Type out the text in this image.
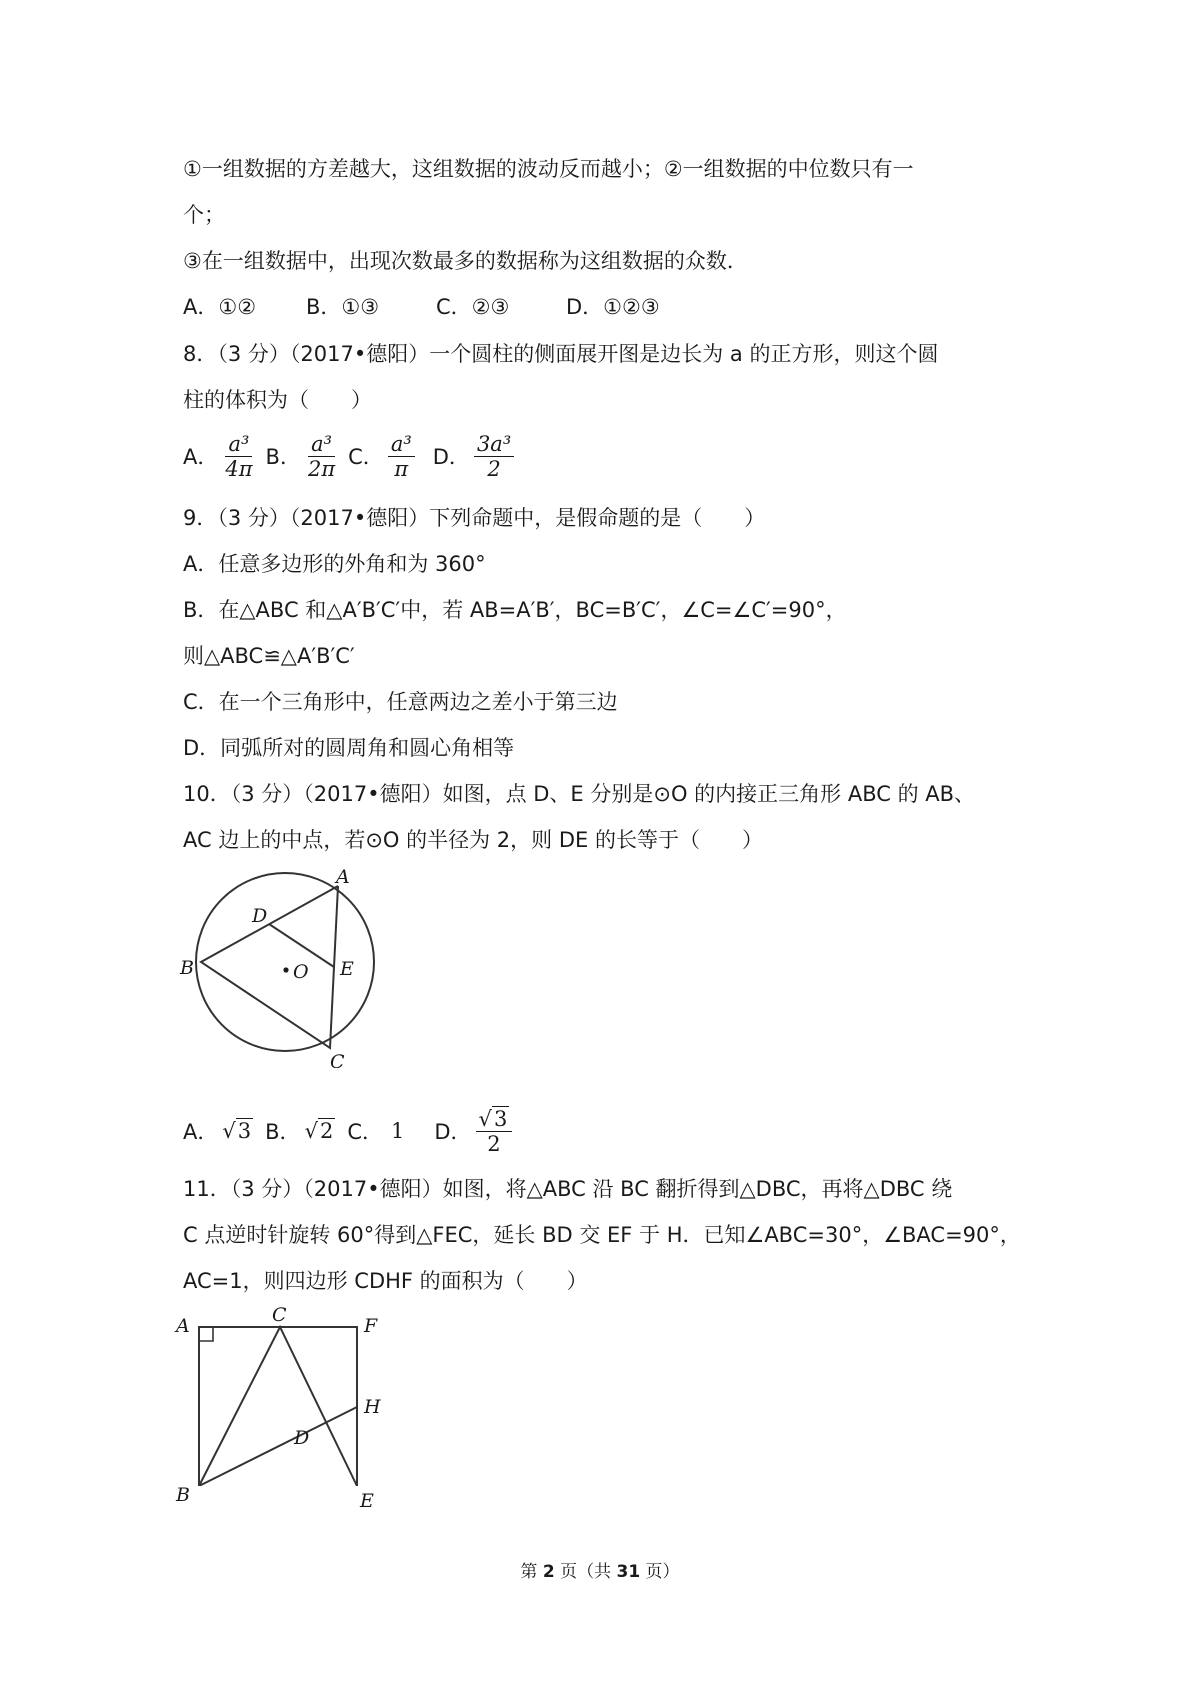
①一组数据的方差越大，这组数据的波动反而越小；②一组数据的中位数只有一
个；
③在一组数据中，出现次数最多的数据称为这组数据的众数．
A．①② B．①③	C．②③	D．①②③
8．（3 分）（2017•德阳）一个圆柱的侧面展开图是边长为 a 的正方形，则这个圆
柱的体积为（　　）
A． $\frac{\text{a³}}{4\pi}$ B． $\frac{\text{a³}}{2\pi}$ C． $\frac{\text{a³}}{\pi}$ D． $\frac{\text{3a³}}{2}$
9．（3 分）（2017•德阳）下列命题中，是假命题的是（　　）
A．任意多边形的外角和为 360°
B．在△ABC 和△A′B′C′中，若 AB=A′B′，BC=B′C′，∠C=∠C′=90°，
则△ABC≌△A′B′C′
C．在一个三角形中，任意两边之差小于第三边
D．同弧所对的圆周角和圆心角相等
10．（3 分）（2017•德阳）如图，点 D、E 分别是⊙O 的内接正三角形 ABC 的 AB、
AC 边上的中点，若⊙O 的半径为 2，则 DE 的长等于（　　）
A
B
C
D
E
O
A． √3 B． √2 C． 1 D． $\frac{√3}{2}$
11．（3 分）（2017•德阳）如图，将△ABC 沿 BC 翻折得到△DBC，再将△DBC 绕
C 点逆时针旋转 60°得到△FEC，延长 BD 交 EF 于 H．已知∠ABC=30°，∠BAC=90°，
AC=1，则四边形 CDHF 的面积为（　　）
A	C	F
H
D
B	E
第 2 页（共 31 页）
